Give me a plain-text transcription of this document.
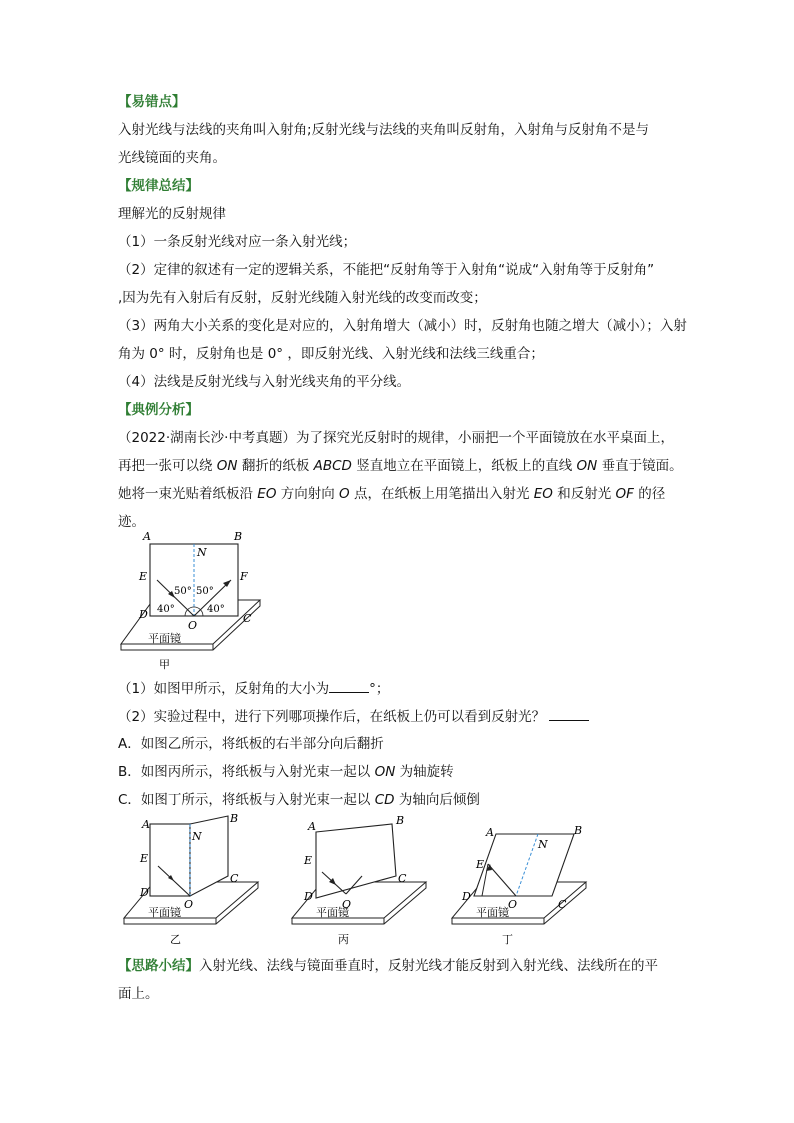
【易错点】
入射光线与法线的夹角叫入射角;反射光线与法线的夹角叫反射角，入射角与反射角不是与
光线镜面的夹角。
【规律总结】
理解光的反射规律
（1）一条反射光线对应一条入射光线；
（2）定律的叙述有一定的逻辑关系，不能把“反射角等于入射角“说成“入射角等于反射角”
,因为先有入射后有反射，反射光线随入射光线的改变而改变；
（3）两角大小关系的变化是对应的，入射角增大（减小）时，反射角也随之增大（减小）；入射
角为 0° 时，反射角也是 0° ，即反射光线、入射光线和法线三线重合；
（4）法线是反射光线与入射光线夹角的平分线。
【典例分析】
（2022·湖南长沙·中考真题）为了探究光反射时的规律，小丽把一个平面镜放在水平桌面上，
再把一张可以绕 ON 翻折的纸板 ABCD 竖直地立在平面镜上，纸板上的直线 ON 垂直于镜面。
她将一束光贴着纸板沿 EO 方向射向 O 点，在纸板上用笔描出入射光 EO 和反射光 OF 的径
迹。
（1）如图甲所示，反射角的大小为	°；
（2）实验过程中，进行下列哪项操作后，在纸板上仍可以看到反射光？
A．如图乙所示，将纸板的右半部分向后翻折
B．如图丙所示，将纸板与入射光束一起以 ON 为轴旋转
C．如图丁所示，将纸板与入射光束一起以 CD 为轴向后倾倒
【思路小结】入射光线、法线与镜面垂直时，反射光线才能反射到入射光线、法线所在的平
面上。
A	B
E	F
N
D	C
O
50° 50°
40°	40°
平面镜
甲
A	B
E
N
D
C
O
平面镜
乙
A	B
E
D
C
O
平面镜
丙
A	B
E
N
D
C
O
平面镜
丁
